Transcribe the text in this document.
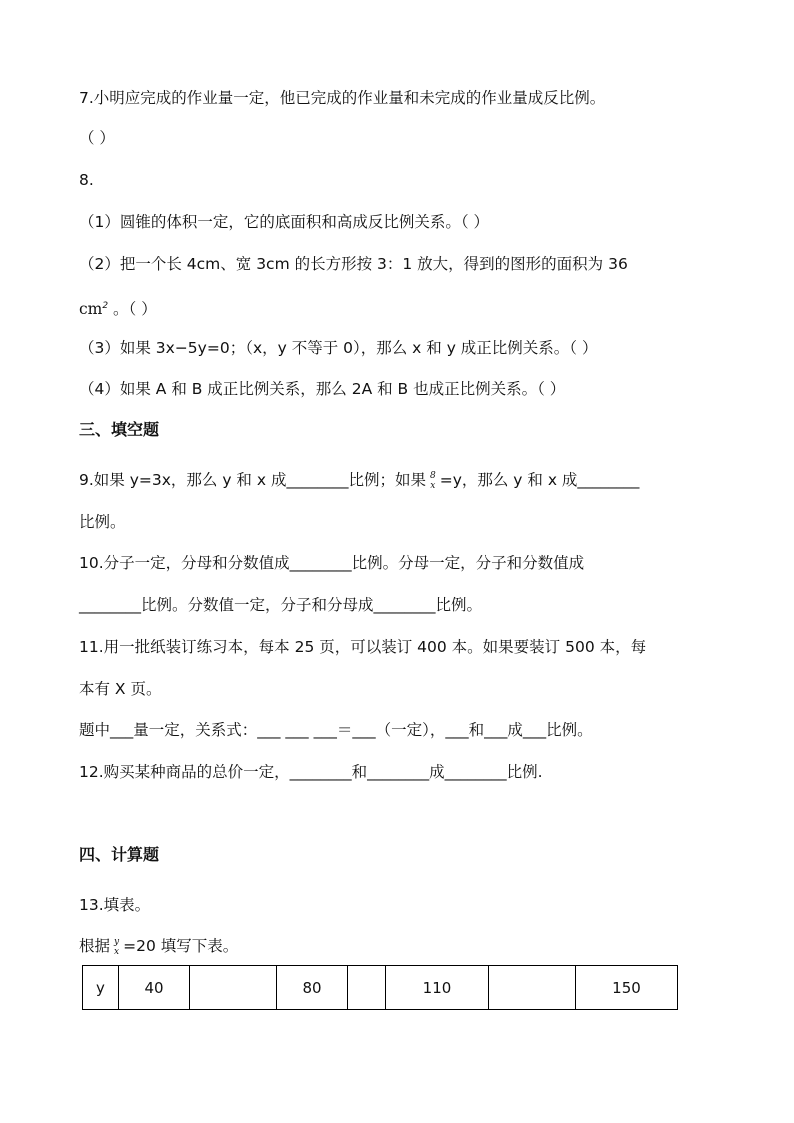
7.小明应完成的作业量一定，他已完成的作业量和未完成的作业量成反比例。
（ ）
8.
（1）圆锥的体积一定，它的底面积和高成反比例关系。（ ）
（2）把一个长 4cm、宽 3cm 的长方形按 3：1 放大，得到的图形的面积为 36
$cm^2$ 。（ ）
（3）如果 3x−5y=0；（x，y 不等于 0），那么 x 和 y 成正比例关系。（ ）
（4）如果 A 和 B 成正比例关系，那么 2A 和 B 也成正比例关系。（ ）
三、填空题
9.如果 y=3x，那么 y 和 x 成________比例；如果 8
x =y，那么 y 和 x 成________
比例。
10.分子一定，分母和分数值成________比例。分母一定，分子和分数值成
________比例。分数值一定，分子和分母成________比例。
11.用一批纸装订练习本，每本 25 页，可以装订 400 本。如果要装订 500 本，每
本有 X 页。
题中___量一定，关系式：___ ___ ___＝___（一定），___和___成___比例。
12.购买某种商品的总价一定，________和________成________比例.
四、计算题
13.填表。
根据 y
x =20 填写下表。
y	40		80		110		150
